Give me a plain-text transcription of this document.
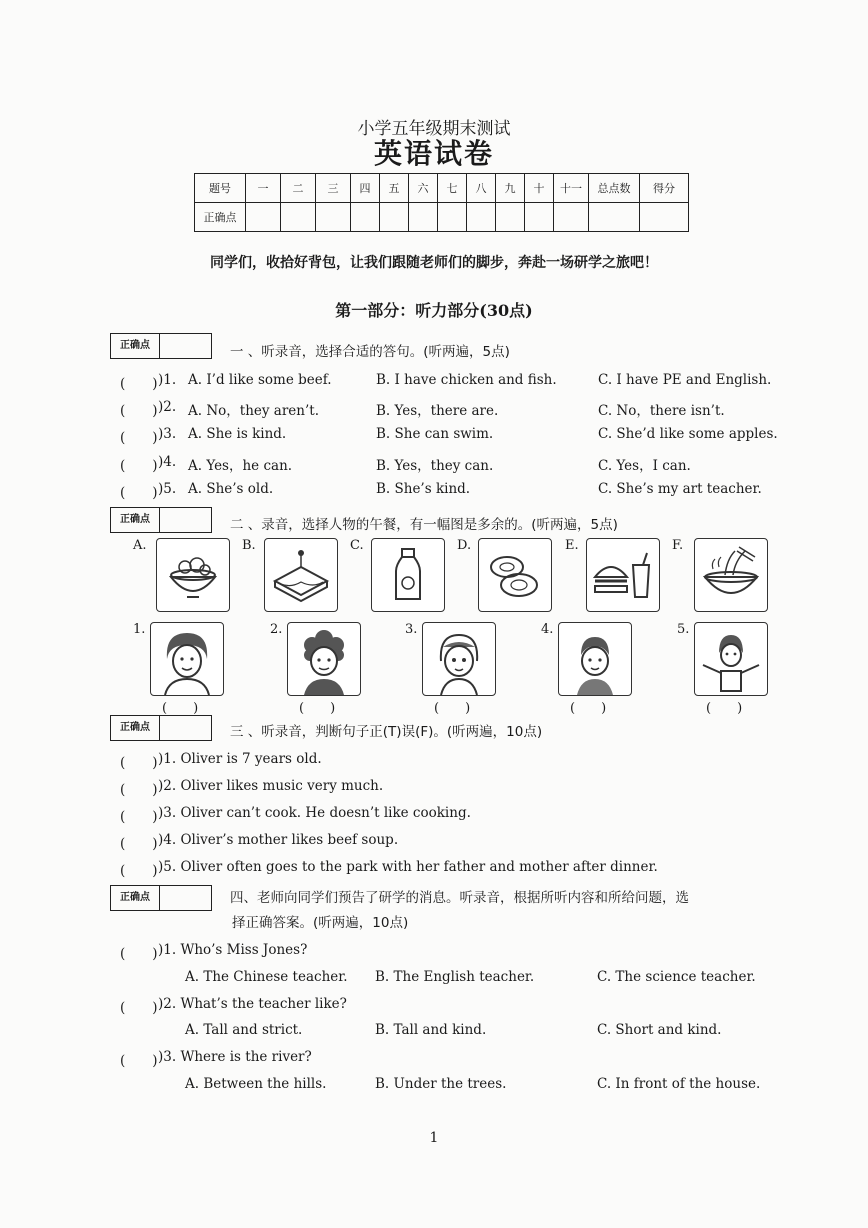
小学五年级期末测试
英语试卷
题号	一	二	三	四	五	六	七	八	九	十	十一	总点数	得分
正确点													
同学们，收拾好背包，让我们跟随老师们的脚步，奔赴一场研学之旅吧！
第一部分：听力部分(30点)
正确点	一 、听录音，选择合适的答句。(听两遍，5点)
(　　) )1. A. I’d like some beef.	B. I have chicken and fish.	C. I have PE and English.
(　　) )2. A. No，they aren’t.	B. Yes，there are.	C. No，there isn’t.
(　　) )3. A. She is kind.	B. She can swim.	C. She’d like some apples.
(　　) )4. A. Yes，he can.	B. Yes，they can.	C. Yes，I can.
(　　) )5. A. She’s old.	B. She’s kind.	C. She’s my art teacher.
正确点	二 、录音，选择人物的午餐，有一幅图是多余的。(听两遍，5点)
A.	B.	C.	D.	E.	F.
1.	2.	3.	4.	5.
(　　)	(　　)	(　　)	(　　)	(　　)
正确点	三 、听录音，判断句子正(T)误(F)。(听两遍，10点)
(　　) )1. Oliver is 7 years old.
(　　) )2. Oliver likes music very much.
(　　) )3. Oliver can’t cook. He doesn’t like cooking.
(　　) )4. Oliver’s mother likes beef soup.
(　　) )5. Oliver often goes to the park with her father and mother after dinner.
正确点	四、老师向同学们预告了研学的消息。听录音，根据所听内容和所给问题，选
择正确答案。(听两遍，10点)
(　　) )1. Who’s Miss Jones?
A. The Chinese teacher. B. The English teacher.	C. The science teacher.
(　　) )2. What’s the teacher like?
A. Tall and strict.	B. Tall and kind.	C. Short and kind.
(　　) )3. Where is the river?
A. Between the hills.	B. Under the trees.	C. In front of the house.
1
